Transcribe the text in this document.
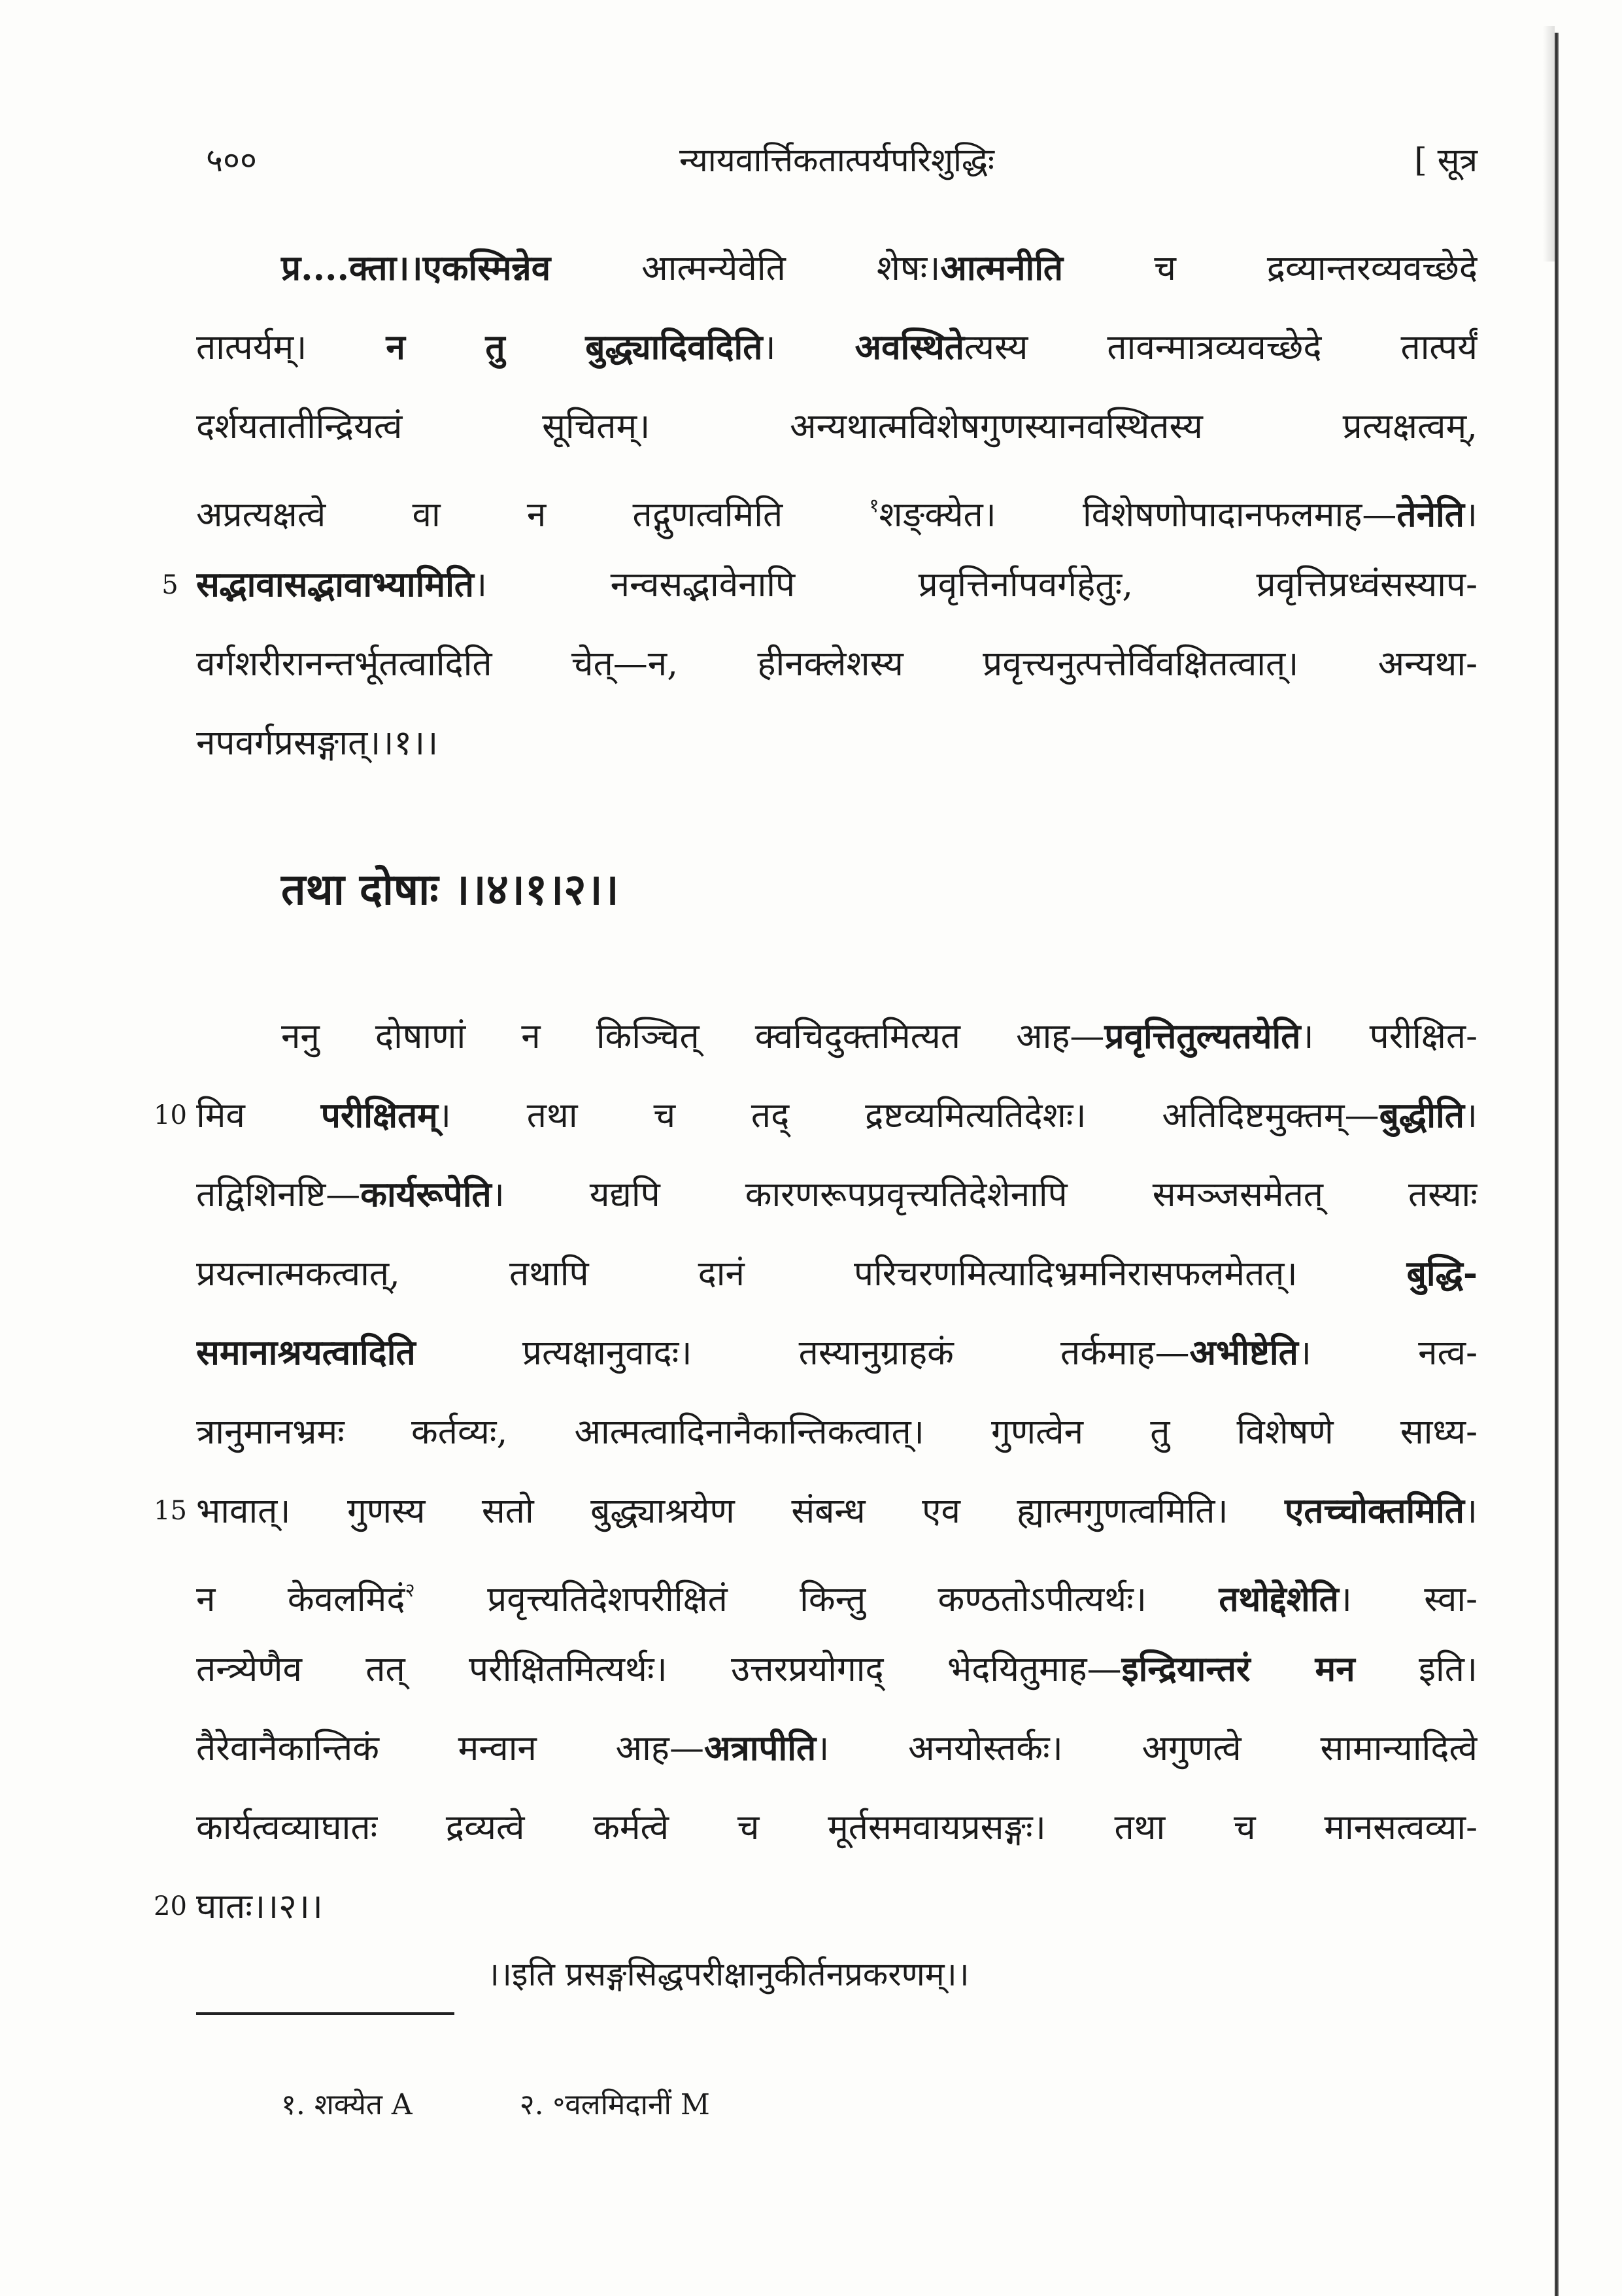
५००	न्यायवार्त्तिकतात्पर्यपरिशुद्धिः	[ सूत्र
प्र....क्ता।।एकस्मिन्नेव आत्मन्येवेति शेषः।आत्मनीति च द्रव्यान्तरव्यवच्छेदे
तात्पर्यम्। न तु बुद्ध्यादिवदिति। अवस्थितेत्यस्य तावन्मात्रव्यवच्छेदे तात्पर्यं
दर्शयतातीन्द्रियत्वं सूचितम्। अन्यथात्मविशेषगुणस्यानवस्थितस्य प्रत्यक्षत्वम्,
अप्रत्यक्षत्वे वा न तद्गुणत्वमिति $^१$शङ्क्येत। विशेषणोपादानफलमाह—तेनेति।
सद्भावासद्भावाभ्यामिति। नन्वसद्भावेनापि प्रवृत्तिर्नापवर्गहेतुः, प्रवृत्तिप्रध्वंसस्याप-
वर्गशरीरानन्तर्भूतत्वादिति चेत्—न, हीनक्लेशस्य प्रवृत्त्यनुत्पत्तेर्विवक्षितत्वात्। अन्यथा-
नपवर्गप्रसङ्गात्।।१।।
5
तथा दोषाः ।।४।१।२।।
ननु दोषाणां न किञ्चित् क्वचिदुक्तमित्यत आह—प्रवृत्तितुल्यतयेति। परीक्षित-
मिव परीक्षितम्। तथा च तद् द्रष्टव्यमित्यतिदेशः। अतिदिष्टमुक्तम्—बुद्धीति।
तद्विशिनष्टि—कार्यरूपेति। यद्यपि कारणरूपप्रवृत्त्यतिदेशेनापि समञ्जसमेतत् तस्याः
प्रयत्नात्मकत्वात्, तथापि दानं परिचरणमित्यादिभ्रमनिरासफलमेतत्। बुद्धि-
समानाश्रयत्वादिति प्रत्यक्षानुवादः। तस्यानुग्राहकं तर्कमाह—अभीष्टेति। नत्व-
त्रानुमानभ्रमः कर्तव्यः, आत्मत्वादिनानैकान्तिकत्वात्। गुणत्वेन तु विशेषणे साध्य-
भावात्। गुणस्य सतो बुद्ध्याश्रयेण संबन्ध एव ह्यात्मगुणत्वमिति। एतच्चोक्तमिति।
न केवलमिदं$^२$ प्रवृत्त्यतिदेशपरीक्षितं किन्तु कण्ठतोऽपीत्यर्थः। तथोद्देशेति। स्वा-
तन्त्र्येणैव तत् परीक्षितमित्यर्थः। उत्तरप्रयोगाद् भेदयितुमाह—इन्द्रियान्तरं मन इति।
तैरेवानैकान्तिकं मन्वान आह—अत्रापीति। अनयोस्तर्कः। अगुणत्वे सामान्यादित्वे
कार्यत्वव्याघातः द्रव्यत्वे कर्मत्वे च मूर्तसमवायप्रसङ्गः। तथा च मानसत्वव्या-
घातः।।२।।
10
15
20
।।इति प्रसङ्गसिद्धपरीक्षानुकीर्तनप्रकरणम्।।
१. शक्येत A	२. ॰वलमिदानीं M
